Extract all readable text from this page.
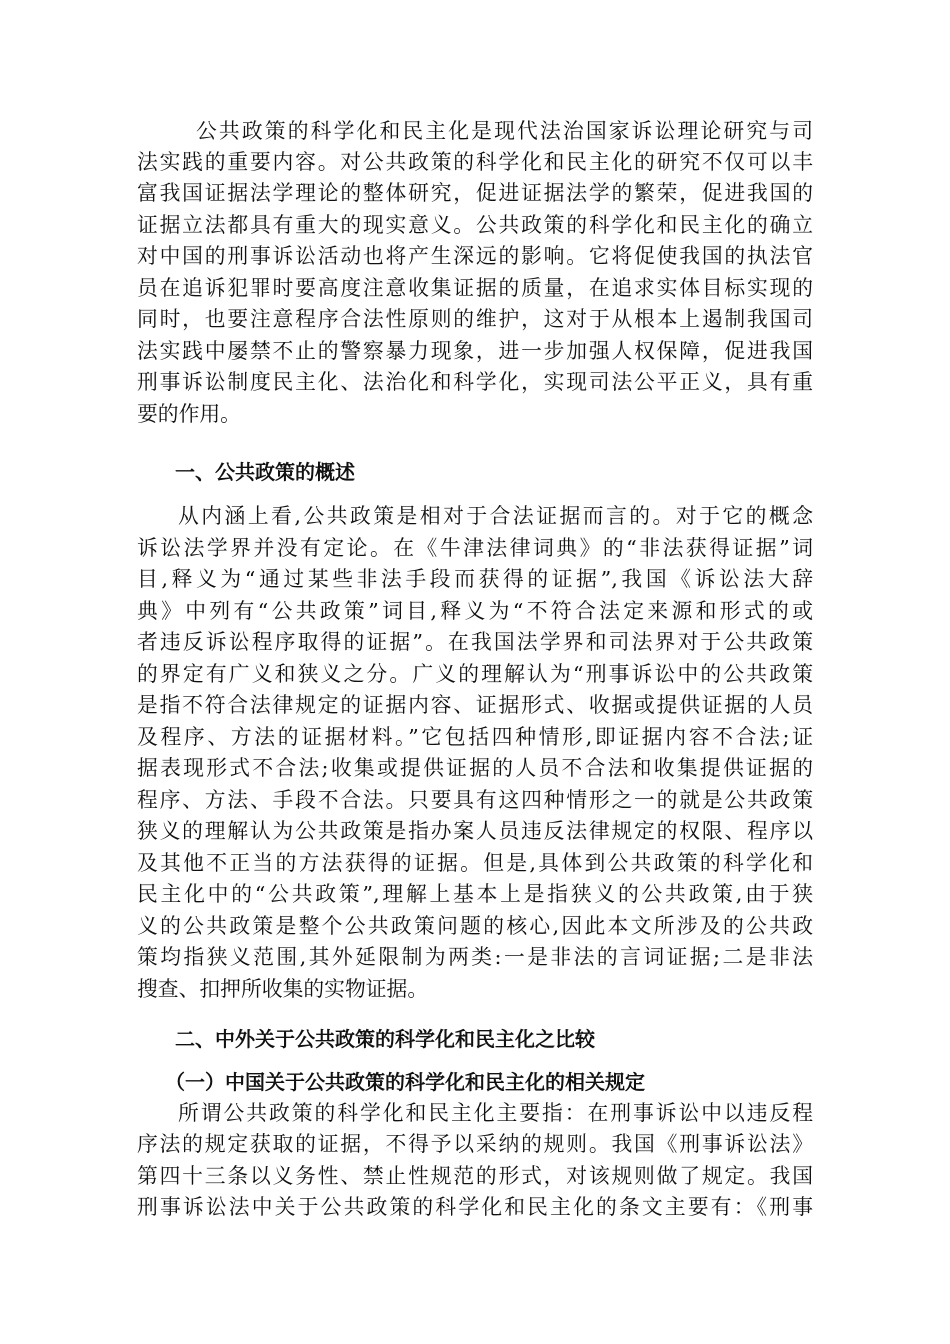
公共政策的科学化和民主化是现代法治国家诉讼理论研究与司
法实践的重要内容。对公共政策的科学化和民主化的研究不仅可以丰
富我国证据法学理论的整体研究，促进证据法学的繁荣，促进我国的
证据立法都具有重大的现实意义。公共政策的科学化和民主化的确立
对中国的刑事诉讼活动也将产生深远的影响。它将促使我国的执法官
员在追诉犯罪时要高度注意收集证据的质量，在追求实体目标实现的
同时，也要注意程序合法性原则的维护，这对于从根本上遏制我国司
法实践中屡禁不止的警察暴力现象，进一步加强人权保障，促进我国
刑事诉讼制度民主化、法治化和科学化，实现司法公平正义，具有重
要的作用。
一、公共政策的概述
从内涵上看,公共政策是相对于合法证据而言的。对于它的概念
诉讼法学界并没有定论。在《牛津法律词典》的“非法获得证据”词
目,释义为“通过某些非法手段而获得的证据”,我国《诉讼法大辞
典》中列有“公共政策”词目,释义为“不符合法定来源和形式的或
者违反诉讼程序取得的证据”。在我国法学界和司法界对于公共政策
的界定有广义和狭义之分。广义的理解认为“刑事诉讼中的公共政策
是指不符合法律规定的证据内容、证据形式、收据或提供证据的人员
及程序、方法的证据材料。”它包括四种情形,即证据内容不合法;证
据表现形式不合法;收集或提供证据的人员不合法和收集提供证据的
程序、方法、手段不合法。只要具有这四种情形之一的就是公共政策
狭义的理解认为公共政策是指办案人员违反法律规定的权限、程序以
及其他不正当的方法获得的证据。但是,具体到公共政策的科学化和
民主化中的“公共政策”,理解上基本上是指狭义的公共政策,由于狭
义的公共政策是整个公共政策问题的核心,因此本文所涉及的公共政
策均指狭义范围,其外延限制为两类:一是非法的言词证据;二是非法
搜查、扣押所收集的实物证据。
二、中外关于公共政策的科学化和民主化之比较
（一）中国关于公共政策的科学化和民主化的相关规定
所谓公共政策的科学化和民主化主要指：在刑事诉讼中以违反程
序法的规定获取的证据，不得予以采纳的规则。我国《刑事诉讼法》
第四十三条以义务性、禁止性规范的形式，对该规则做了规定。我国
刑事诉讼法中关于公共政策的科学化和民主化的条文主要有：《刑事
